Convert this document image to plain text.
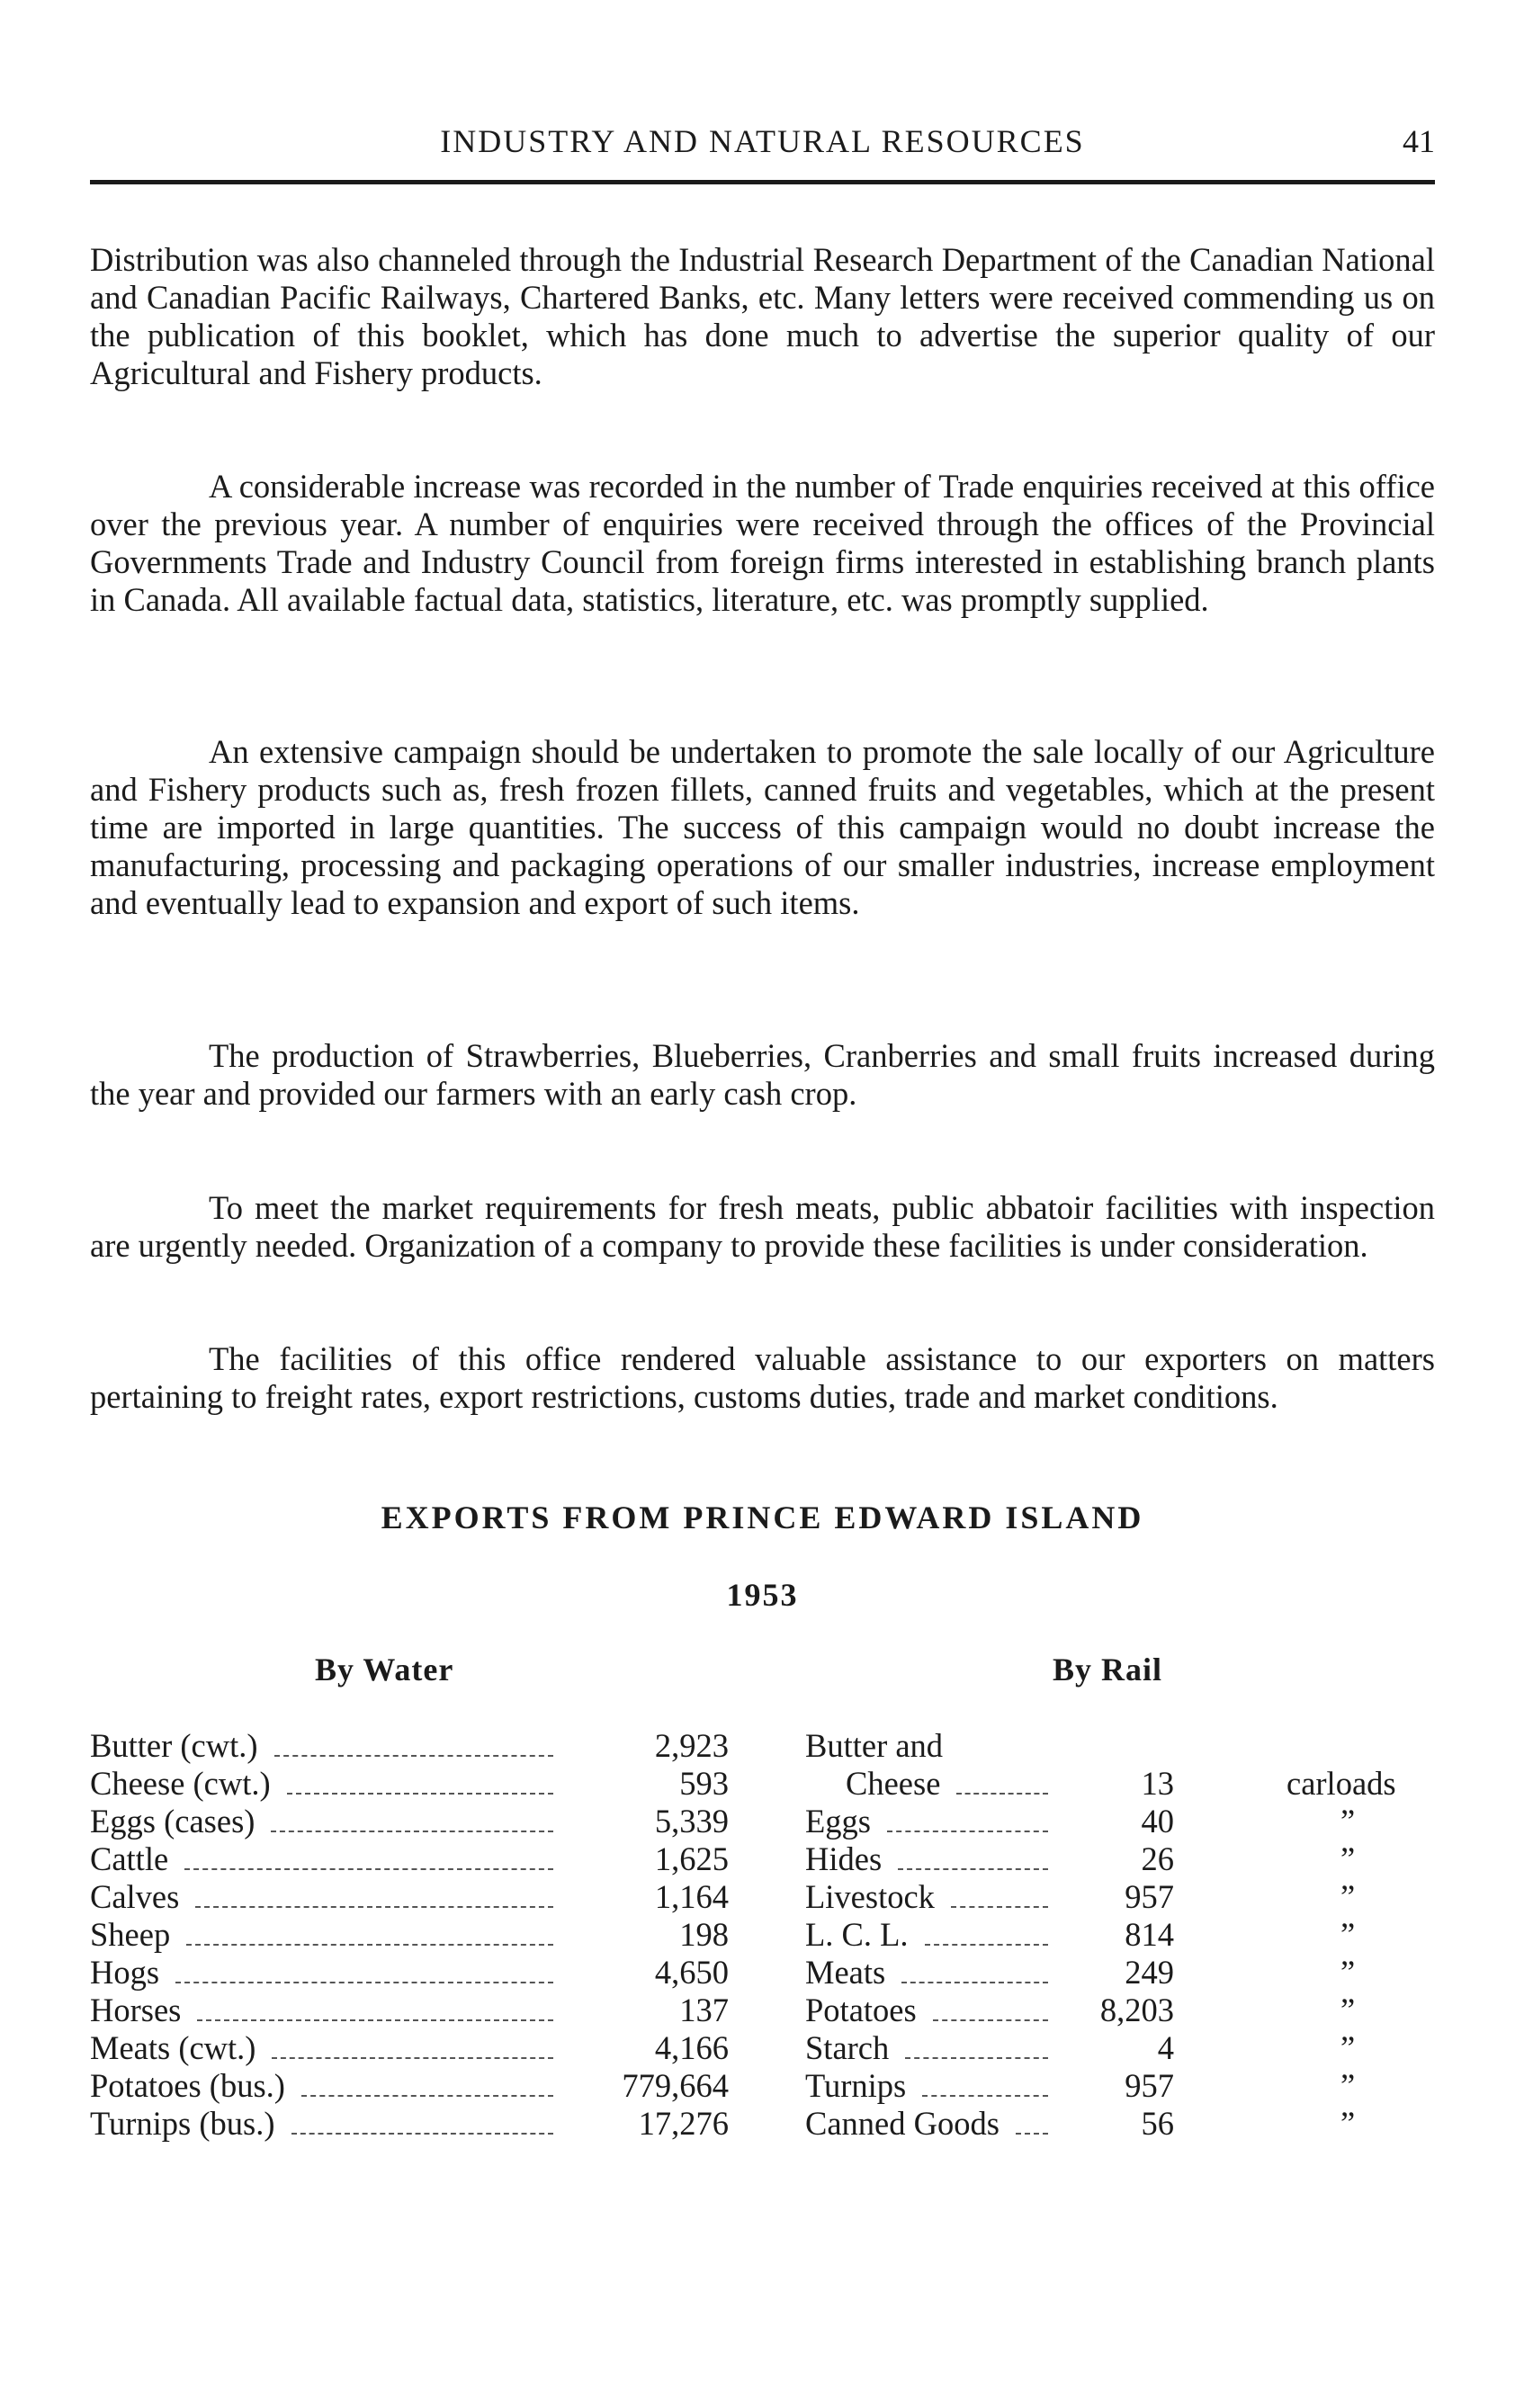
INDUSTRY AND NATURAL RESOURCES	41

Distribution was also channeled through the Industrial Research Department of the Canadian National and Canadian Pacific Railways, Chartered Banks, etc. Many letters were received commending us on the publication of this booklet, which has done much to advertise the superior quality of our Agricultural and Fishery products.

A considerable increase was recorded in the number of Trade enquiries received at this office over the previous year. A number of enquiries were received through the offices of the Provincial Governments Trade and Industry Council from foreign firms interested in establishing branch plants in Canada. All available factual data, statistics, literature, etc. was promptly supplied.

An extensive campaign should be undertaken to promote the sale locally of our Agriculture and Fishery products such as, fresh frozen fillets, canned fruits and vegetables, which at the present time are imported in large quantities. The success of this campaign would no doubt increase the manufacturing, processing and packaging operations of our smaller industries, increase employment and eventually lead to expansion and export of such items.

The production of Strawberries, Blueberries, Cranberries and small fruits increased during the year and provided our farmers with an early cash crop.

To meet the market requirements for fresh meats, public abbatoir facilities with inspection are urgently needed. Organization of a company to provide these facilities is under consideration.

The facilities of this office rendered valuable assistance to our exporters on matters pertaining to freight rates, export restrictions, customs duties, trade and market conditions.

EXPORTS FROM PRINCE EDWARD ISLAND
1953
By Water	By Rail
Butter (cwt.)	2,923
Cheese (cwt.)	593
Eggs (cases)	5,339
Cattle	1,625
Calves	1,164
Sheep	198
Hogs	4,650
Horses	137
Meats (cwt.)	4,166
Potatoes (bus.)	779,664
Turnips (bus.)	17,276
Butter and
Cheese	13	carloads
Eggs	40	”
Hides	26	”
Livestock	957	”
L. C. L.	814	”
Meats	249	”
Potatoes	8,203	”
Starch	4	”
Turnips	957	”
Canned Goods	56	”
